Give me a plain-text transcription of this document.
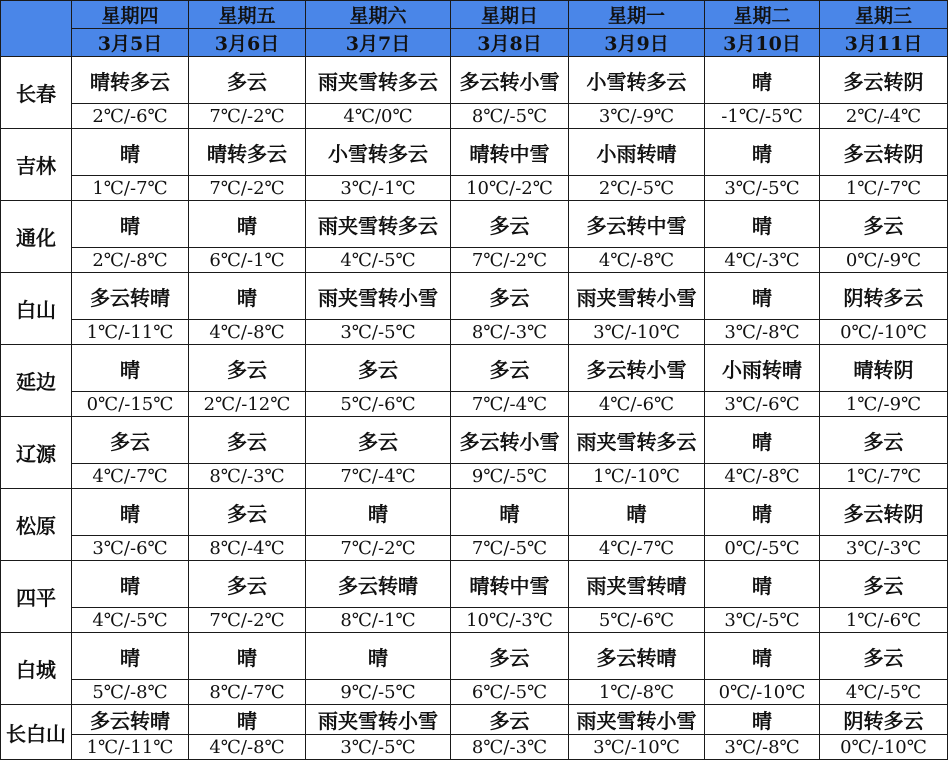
	星期四	星期五	星期六	星期日	星期一	星期二	星期三
	3月5日	3月6日	3月7日	3月8日	3月9日	3月10日	3月11日
长春	晴转多云	多云	雨夹雪转多云	多云转小雪	小雪转多云	晴	多云转阴
	2℃/-6℃	7℃/-2℃	4℃/0℃	8℃/-5℃	3℃/-9℃	-1℃/-5℃	2℃/-4℃
吉林	晴	晴转多云	小雪转多云	晴转中雪	小雨转晴	晴	多云转阴
	1℃/-7℃	7℃/-2℃	3℃/-1℃	10℃/-2℃	2℃/-5℃	3℃/-5℃	1℃/-7℃
通化	晴	晴	雨夹雪转多云	多云	多云转中雪	晴	多云
	2℃/-8℃	6℃/-1℃	4℃/-5℃	7℃/-2℃	4℃/-8℃	4℃/-3℃	0℃/-9℃
白山	多云转晴	晴	雨夹雪转小雪	多云	雨夹雪转小雪	晴	阴转多云
	1℃/-11℃	4℃/-8℃	3℃/-5℃	8℃/-3℃	3℃/-10℃	3℃/-8℃	0℃/-10℃
延边	晴	多云	多云	多云	多云转小雪	小雨转晴	晴转阴
	0℃/-15℃	2℃/-12℃	5℃/-6℃	7℃/-4℃	4℃/-6℃	3℃/-6℃	1℃/-9℃
辽源	多云	多云	多云	多云转小雪	雨夹雪转多云	晴	多云
	4℃/-7℃	8℃/-3℃	7℃/-4℃	9℃/-5℃	1℃/-10℃	4℃/-8℃	1℃/-7℃
松原	晴	多云	晴	晴	晴	晴	多云转阴
	3℃/-6℃	8℃/-4℃	7℃/-2℃	7℃/-5℃	4℃/-7℃	0℃/-5℃	3℃/-3℃
四平	晴	多云	多云转晴	晴转中雪	雨夹雪转晴	晴	多云
	4℃/-5℃	7℃/-2℃	8℃/-1℃	10℃/-3℃	5℃/-6℃	3℃/-5℃	1℃/-6℃
白城	晴	晴	晴	多云	多云转晴	晴	多云
	5℃/-8℃	8℃/-7℃	9℃/-5℃	6℃/-5℃	1℃/-8℃	0℃/-10℃	4℃/-5℃
长白山	多云转晴	晴	雨夹雪转小雪	多云	雨夹雪转小雪	晴	阴转多云
	1℃/-11℃	4℃/-8℃	3℃/-5℃	8℃/-3℃	3℃/-10℃	3℃/-8℃	0℃/-10℃
